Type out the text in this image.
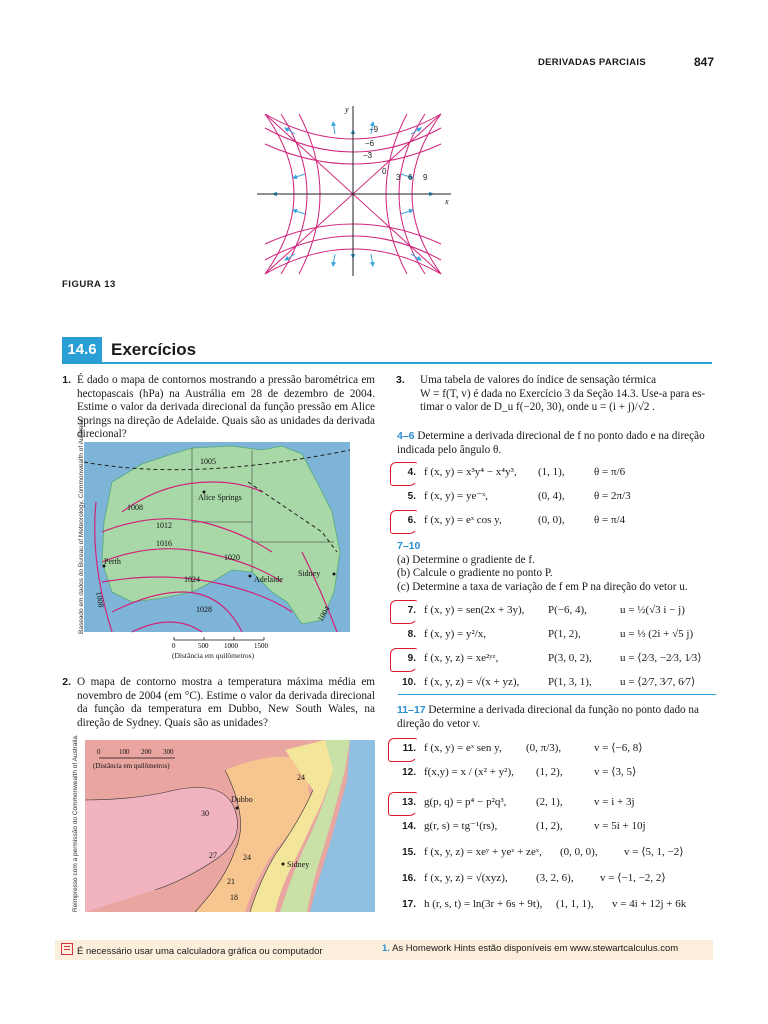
DERIVADAS PARCIAIS	847
y
x
−9
−6
−3
0
3 6 9
FIGURA 13
14.6 Exercícios
1. É dado o mapa de contornos mostrando a pressão barométrica em hectopascais (hPa) na Austrália em 28 de dezembro de 2004. Estime o valor da derivada direcional da função pressão em Alice Springs na direção de Adelaide. Quais são as unidades da derivada direcional?
1005
1008
1012
1016
1020
1024
1028
1008
1004
Alice Springs
Perth
Adelaide
Sidney
Baseado em dados do Bureau of Meteorology, Commonwealth of Australia.
0	500 1000 1500
(Distância em quilômetros)
2. O mapa de contorno mostra a temperatura máxima média em novembro de 2004 (em °C). Estime o valor da derivada direcional da função da temperatura em Dubbo, New South Wales, na direção de Sydney. Quais são as unidades?
0	100 200 300
(Distância em quilômetros)
24
30
27	24
21
18
Dubbo
Sidney
Reimpresso com a permissão do Commonwealth of Australia.
3. Uma tabela de valores do índice de sensação térmica
W = f(T, v) é dada no Exercício 3 da Seção 14.3. Use-a para es-
timar o valor de D_u f(−20, 30), onde u = (i + j)/√2 .
4–6 Determine a derivada direcional de f no ponto dado e na direção indicada pelo ângulo θ.
4. f (x, y) = x³y⁴ − x⁴y³, (1, 1),	θ = π/6
5. f (x, y) = ye⁻ˣ,	(0, 4),	θ = 2π/3
6. f (x, y) = eˣ cos y,	(0, 0),	θ = π/4
7–10
(a) Determine o gradiente de f.
(b) Calcule o gradiente no ponto P.
(c) Determine a taxa de variação de f em P na direção do vetor u.
7. f (x, y) = sen(2x + 3y), P(−6, 4),	u = ½(√3 i − j)
8. f (x, y) = y²/x,	P(1, 2),	u = ⅓ (2i + √5 j)
9. f (x, y, z) = xe²ʸᶻ,	P(3, 0, 2),	u = ⟨2⁄3, −2⁄3, 1⁄3⟩
10. f (x, y, z) = √(x + yz),	P(1, 3, 1),	u = ⟨2⁄7, 3⁄7, 6⁄7⟩
11–17 Determine a derivada direcional da função no ponto dado na direção do vetor v.
11. f (x, y) = eˣ sen y, (0, π/3),	v = ⟨−6, 8⟩
12. f(x,y) = x / (x² + y²), (1, 2),	v = ⟨3, 5⟩
13. g(p, q) = p⁴ − p²q³,	(2, 1),	v = i + 3j
14. g(r, s) = tg⁻¹(rs),	(1, 2),	v = 5i + 10j
15. f (x, y, z) = xeʸ + yeᶻ + zeˣ, (0, 0, 0), v = ⟨5, 1, −2⟩
16. f (x, y, z) = √(xyz),	(3, 2, 6), v = ⟨−1, −2, 2⟩
17. h (r, s, t) = ln(3r + 6s + 9t), (1, 1, 1), v = 4i + 12j + 6k
É necessário usar uma calculadora gráfica ou computador	1. As Homework Hints estão disponíveis em www.stewartcalculus.com
